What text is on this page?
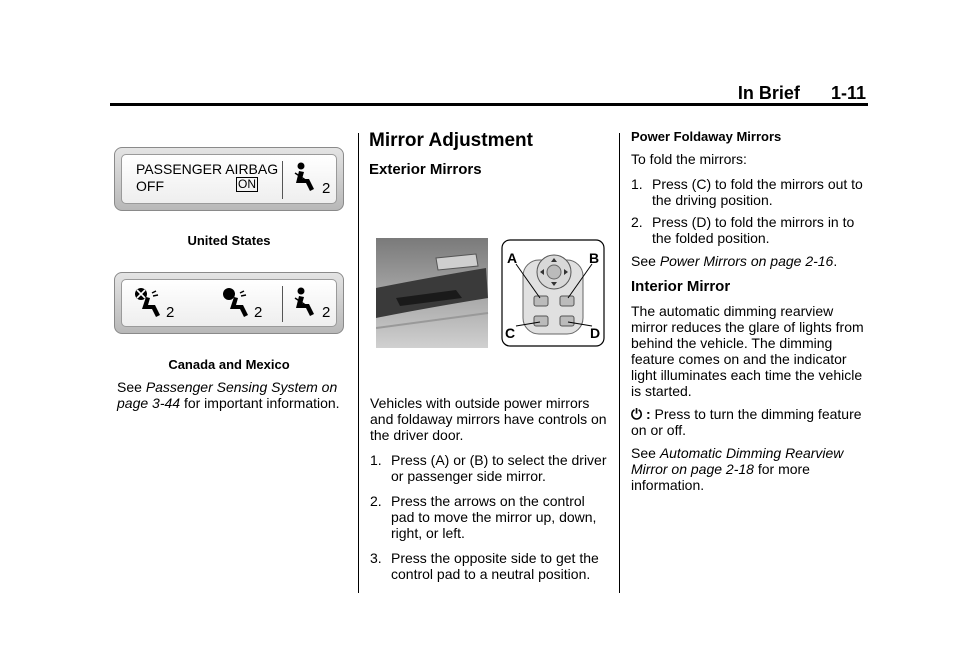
In Brief 1-11
PASSENGER AIRBAG
OFF	ON	2
United States
2	2	2
Canada and Mexico

See Passenger Sensing System on page 3-44 for important information.

Mirror Adjustment
Exterior Mirrors
A	B
C	D

Vehicles with outside power mirrors and foldaway mirrors have controls on the driver door.

1. Press (A) or (B) to select the driver or passenger side mirror.
2. Press the arrows on the control pad to move the mirror up, down, right, or left.
3. Press the opposite side to get the control pad to a neutral position.
Power Foldaway Mirrors

To fold the mirrors:

1. Press (C) to fold the mirrors out to the driving position.
2. Press (D) to fold the mirrors in to the folded position.

See Power Mirrors on page 2-16.

Interior Mirror

The automatic dimming rearview mirror reduces the glare of lights from behind the vehicle. The dimming feature comes on and the indicator light illuminates each time the vehicle is started.

⏻ : Press to turn the dimming feature on or off.

See Automatic Dimming Rearview Mirror on page 2-18 for more information.
